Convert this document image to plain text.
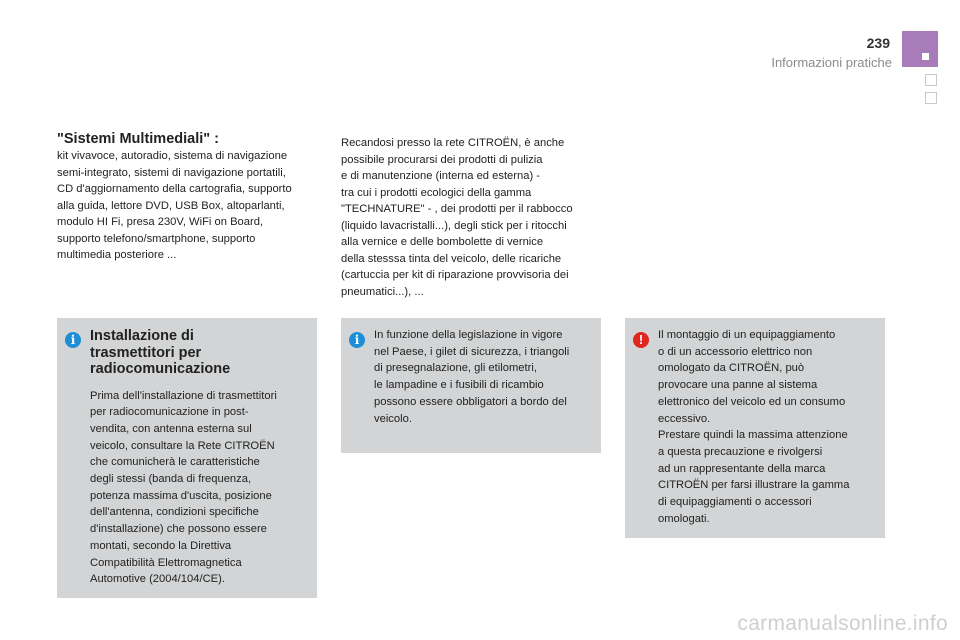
239
Informazioni pratiche

"Sistemi Multimediali" :

kit vivavoce, autoradio, sistema di navigazione

semi-integrato, sistemi di navigazione portatili,

CD d'aggiornamento della cartografia, supporto

alla guida, lettore DVD, USB Box, altoparlanti,

modulo HI Fi, presa 230V, WiFi on Board,

supporto telefono/smartphone, supporto

multimedia posteriore ...

Recandosi presso la rete CITROËN, è anche

possibile procurarsi dei prodotti di pulizia

e di manutenzione (interna ed esterna) -

tra cui i prodotti ecologici della gamma

"TECHNATURE" - , dei prodotti per il rabbocco

(liquido lavacristalli...), degli stick per i ritocchi

alla vernice e delle bombolette di vernice

della stesssa tinta del veicolo, delle ricariche

(cartuccia per kit di riparazione provvisoria dei

pneumatici...), ...

i	Installazione di
trasmettitori per
radiocomunicazione

Prima dell'installazione di trasmettitori

per radiocomunicazione in post-

vendita, con antenna esterna sul

veicolo, consultare la Rete CITROËN

che comunicherà le caratteristiche

degli stessi (banda di frequenza,

potenza massima d'uscita, posizione

dell'antenna, condizioni specifiche

d'installazione) che possono essere

montati, secondo la Direttiva

Compatibilità Elettromagnetica

Automotive (2004/104/CE).

i	In funzione della legislazione in vigore

nel Paese, i gilet di sicurezza, i triangoli

di presegnalazione, gli etilometri,

le lampadine e i fusibili di ricambio

possono essere obbligatori a bordo del

veicolo.

!	Il montaggio di un equipaggiamento

o di un accessorio elettrico non

omologato da CITROËN, può

provocare una panne al sistema

elettronico del veicolo ed un consumo

eccessivo.

Prestare quindi la massima attenzione

a questa precauzione e rivolgersi

ad un rappresentante della marca

CITROËN per farsi illustrare la gamma

di equipaggiamenti o accessori

omologati.

carmanualsonline.info
